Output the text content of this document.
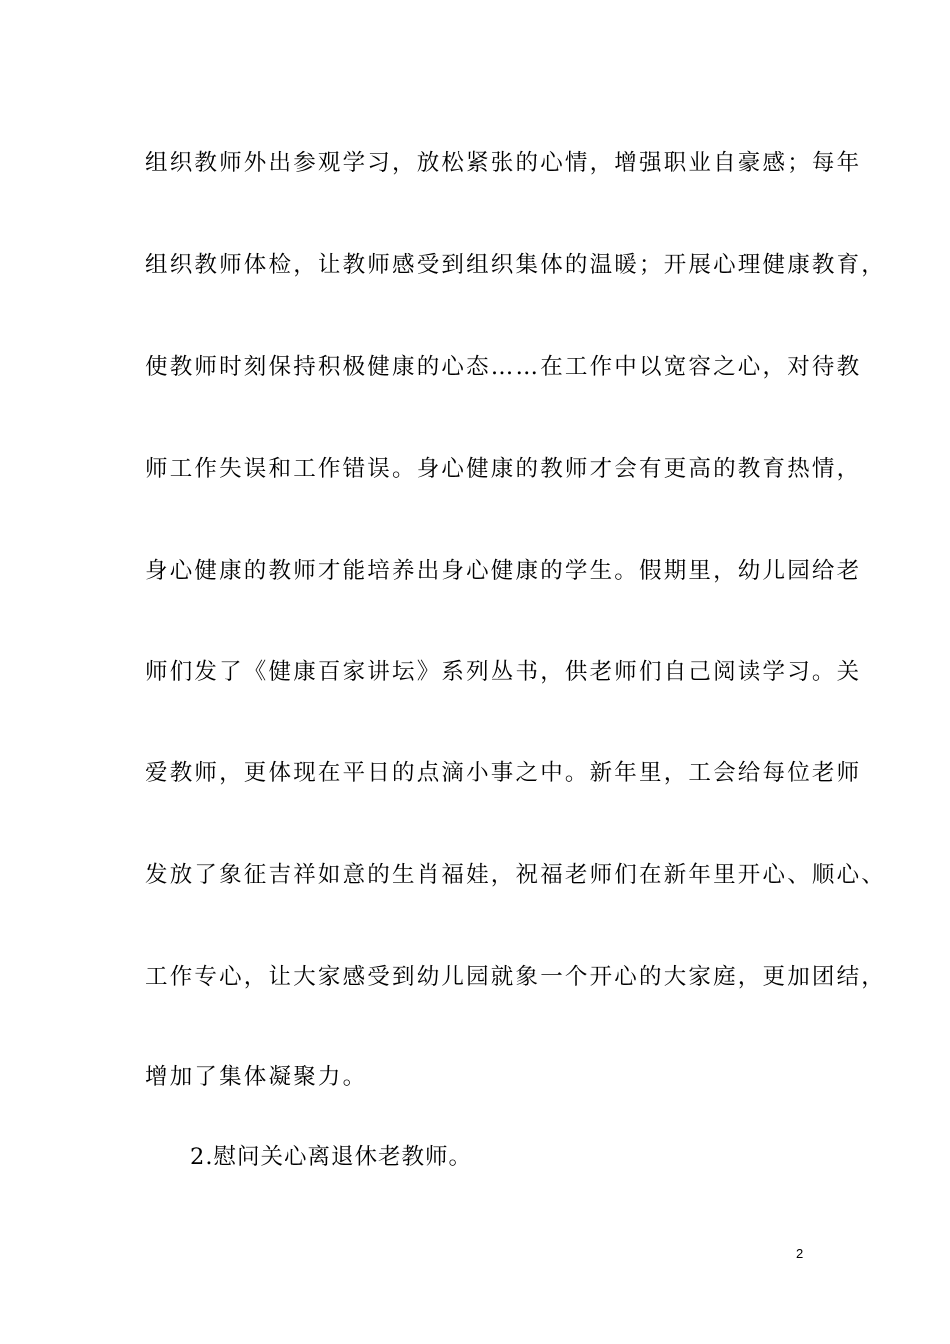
组织教师外出参观学习，放松紧张的心情，增强职业自豪感；每年
组织教师体检，让教师感受到组织集体的温暖；开展心理健康教育，
使教师时刻保持积极健康的心态……在工作中以宽容之心，对待教
师工作失误和工作错误。身心健康的教师才会有更高的教育热情，
身心健康的教师才能培养出身心健康的学生。假期里，幼儿园给老
师们发了《健康百家讲坛》系列丛书，供老师们自己阅读学习。关
爱教师，更体现在平日的点滴小事之中。新年里，工会给每位老师
发放了象征吉祥如意的生肖福娃，祝福老师们在新年里开心、顺心、
工作专心，让大家感受到幼儿园就象一个开心的大家庭，更加团结，
增加了集体凝聚力。
2.慰问关心离退休老教师。
2
